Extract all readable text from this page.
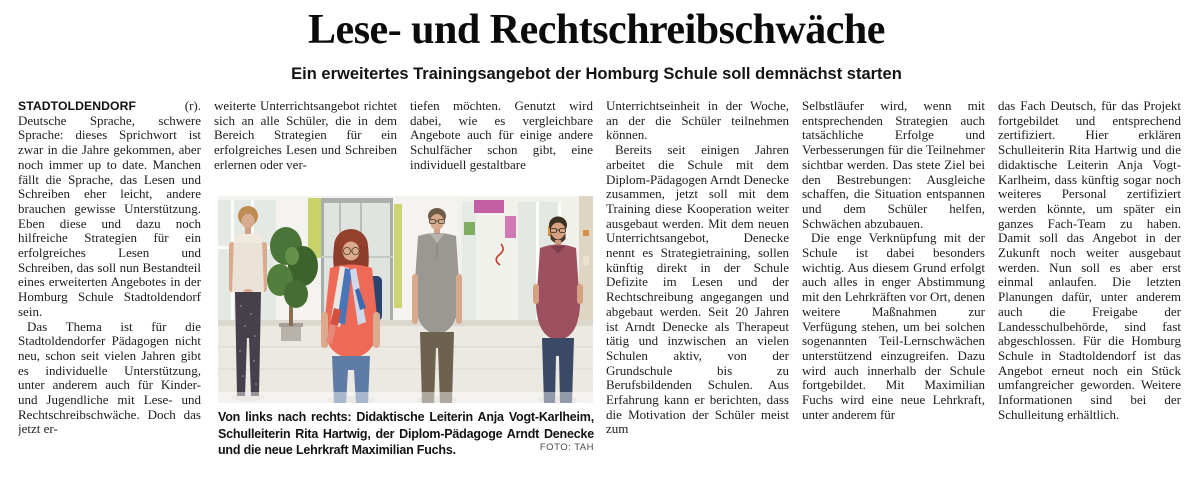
Lese- und Rechtschreibschwäche
Ein erweitertes Trainingsangebot der Homburg Schule soll demnächst starten

STADTOLDENDORF (r). Deutsche Sprache, schwere Sprache: dieses Sprichwort ist zwar in die Jahre gekommen, aber noch immer up to date. Manchen fällt die Sprache, das Lesen und Schreiben eher leicht, andere brauchen gewisse Unterstützung. Eben diese und dazu noch hilfreiche Strategien für ein erfolgreiches Lesen und Schreiben, das soll nun Bestandteil eines erweiterten Angebotes in der Homburg Schule Stadtoldendorf sein.

Das Thema ist für die Stadtoldendorfer Pädagogen nicht neu, schon seit vielen Jahren gibt es individuelle Unterstützung, unter anderem auch für Kinder- und Jugendliche mit Lese- und Rechtschreibschwäche. Doch das jetzt er-

weiterte Unterrichtsangebot richtet sich an alle Schüler, die in dem Bereich Strategien für ein erfolgreiches Lesen und Schreiben erlernen oder ver-

tiefen möchten. Genutzt wird dabei, wie es vergleichbare Angebote auch für einige andere Schulfächer schon gibt, eine individuell gestaltbare

Unterrichtseinheit in der Woche, an der die Schüler teilnehmen können.

Bereits seit einigen Jahren arbeitet die Schule mit dem Diplom-Pädagogen Arndt Denecke zusammen, jetzt soll mit dem Training diese Kooperation weiter ausgebaut werden. Mit dem neuen Unterrichtsangebot, Denecke nennt es Strategietraining, sollen künftig direkt in der Schule Defizite im Lesen und der Rechtschreibung angegangen und abgebaut werden. Seit 20 Jahren ist Arndt Denecke als Therapeut tätig und inzwischen an vielen Schulen aktiv, von der Grundschule bis zu Berufsbildenden Schulen. Aus Erfahrung kann er berichten, dass die Motivation der Schüler meist zum

Selbstläufer wird, wenn mit entsprechenden Strategien auch tatsächliche Erfolge und Verbesserungen für die Teilnehmer sichtbar werden. Das stete Ziel bei den Bestrebungen: Ausgleiche schaffen, die Situation entspannen und dem Schüler helfen, Schwächen abzubauen.

Die enge Verknüpfung mit der Schule ist dabei besonders wichtig. Aus diesem Grund erfolgt auch alles in enger Abstimmung mit den Lehrkräften vor Ort, denen weitere Maßnahmen zur Verfügung stehen, um bei solchen sogenannten Teil-Lernschwächen unterstützend einzugreifen. Dazu wird auch innerhalb der Schule fortgebildet. Mit Maximilian Fuchs wird eine neue Lehrkraft, unter anderem für

das Fach Deutsch, für das Projekt fortgebildet und entsprechend zertifiziert. Hier erklären Schulleiterin Rita Hartwig und die didaktische Leiterin Anja Vogt-Karlheim, dass künftig sogar noch weiteres Personal zertifiziert werden könnte, um später ein ganzes Fach-Team zu haben. Damit soll das Angebot in der Zukunft noch weiter ausgebaut werden. Nun soll es aber erst einmal anlaufen. Die letzten Planungen dafür, unter anderem auch die Freigabe der Landesschulbehörde, sind fast abgeschlossen. Für die Homburg Schule in Stadtoldendorf ist das Angebot erneut noch ein Stück umfangreicher geworden. Weitere Informationen sind bei der Schulleitung erhältlich.

Von links nach rechts: Didaktische Leiterin Anja Vogt-Karlheim, Schulleiterin Rita Hartwig, der Diplom-Pädagoge Arndt Denecke und die neue Lehrkraft Maximilian Fuchs.	FOTO: TAH
